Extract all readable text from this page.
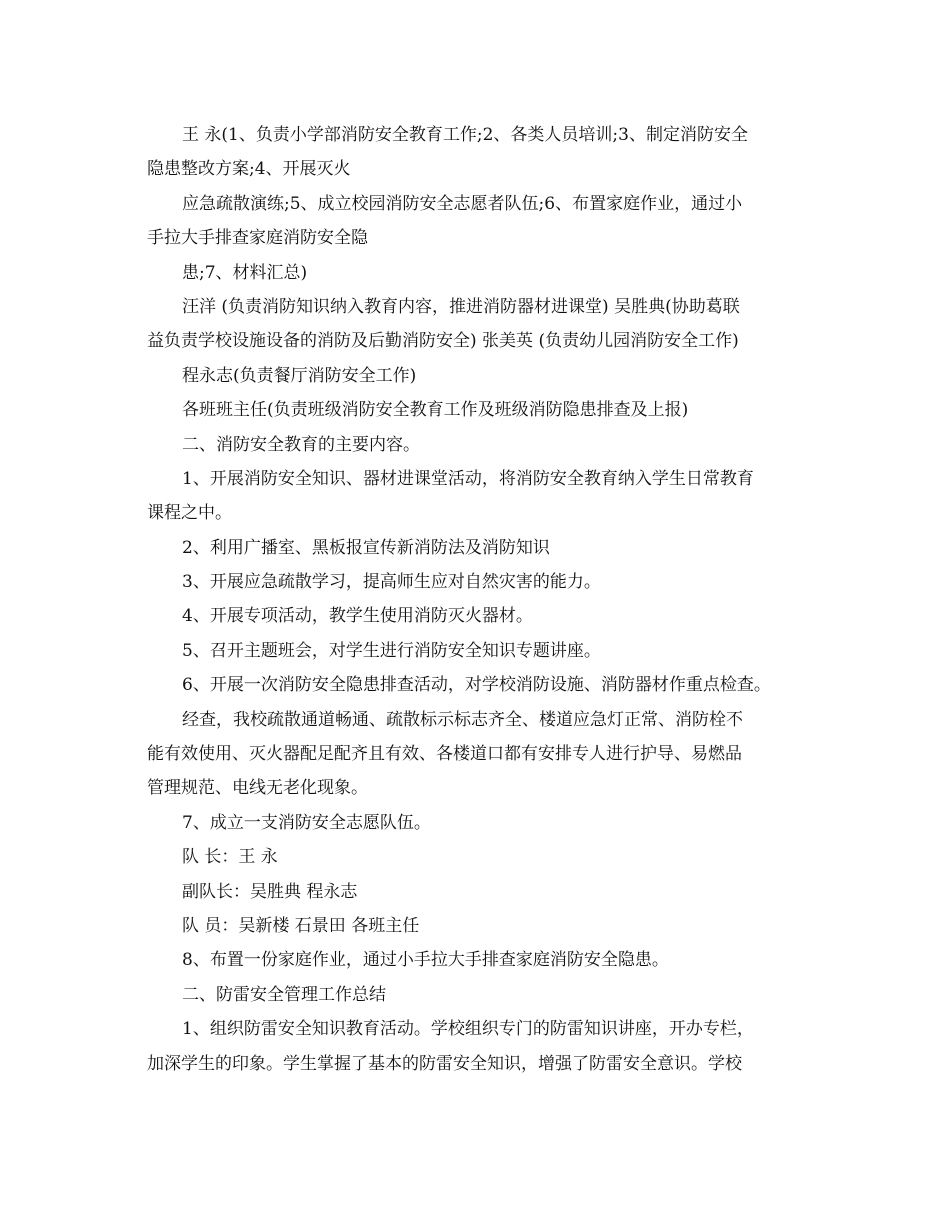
王 永(1、负责小学部消防安全教育工作;2、各类人员培训;3、制定消防安全
隐患整改方案;4、开展灭火
应急疏散演练;5、成立校园消防安全志愿者队伍;6、布置家庭作业，通过小
手拉大手排查家庭消防安全隐
患;7、材料汇总)
汪洋 (负责消防知识纳入教育内容，推进消防器材进课堂) 吴胜典(协助葛联
益负责学校设施设备的消防及后勤消防安全) 张美英 (负责幼儿园消防安全工作)
程永志(负责餐厅消防安全工作)
各班班主任(负责班级消防安全教育工作及班级消防隐患排查及上报)
二、消防安全教育的主要内容。
1、开展消防安全知识、器材进课堂活动，将消防安全教育纳入学生日常教育
课程之中。
2、利用广播室、黑板报宣传新消防法及消防知识
3、开展应急疏散学习，提高师生应对自然灾害的能力。
4、开展专项活动，教学生使用消防灭火器材。
5、召开主题班会，对学生进行消防安全知识专题讲座。
6、开展一次消防安全隐患排查活动，对学校消防设施、消防器材作重点检查。
经查，我校疏散通道畅通、疏散标示标志齐全、楼道应急灯正常、消防栓不
能有效使用、灭火器配足配齐且有效、各楼道口都有安排专人进行护导、易燃品
管理规范、电线无老化现象。
7、成立一支消防安全志愿队伍。
队 长：王 永
副队长：吴胜典 程永志
队 员：吴新楼 石景田 各班主任
8、布置一份家庭作业，通过小手拉大手排查家庭消防安全隐患。
二、防雷安全管理工作总结
1、组织防雷安全知识教育活动。学校组织专门的防雷知识讲座，开办专栏，
加深学生的印象。学生掌握了基本的防雷安全知识，增强了防雷安全意识。学校
